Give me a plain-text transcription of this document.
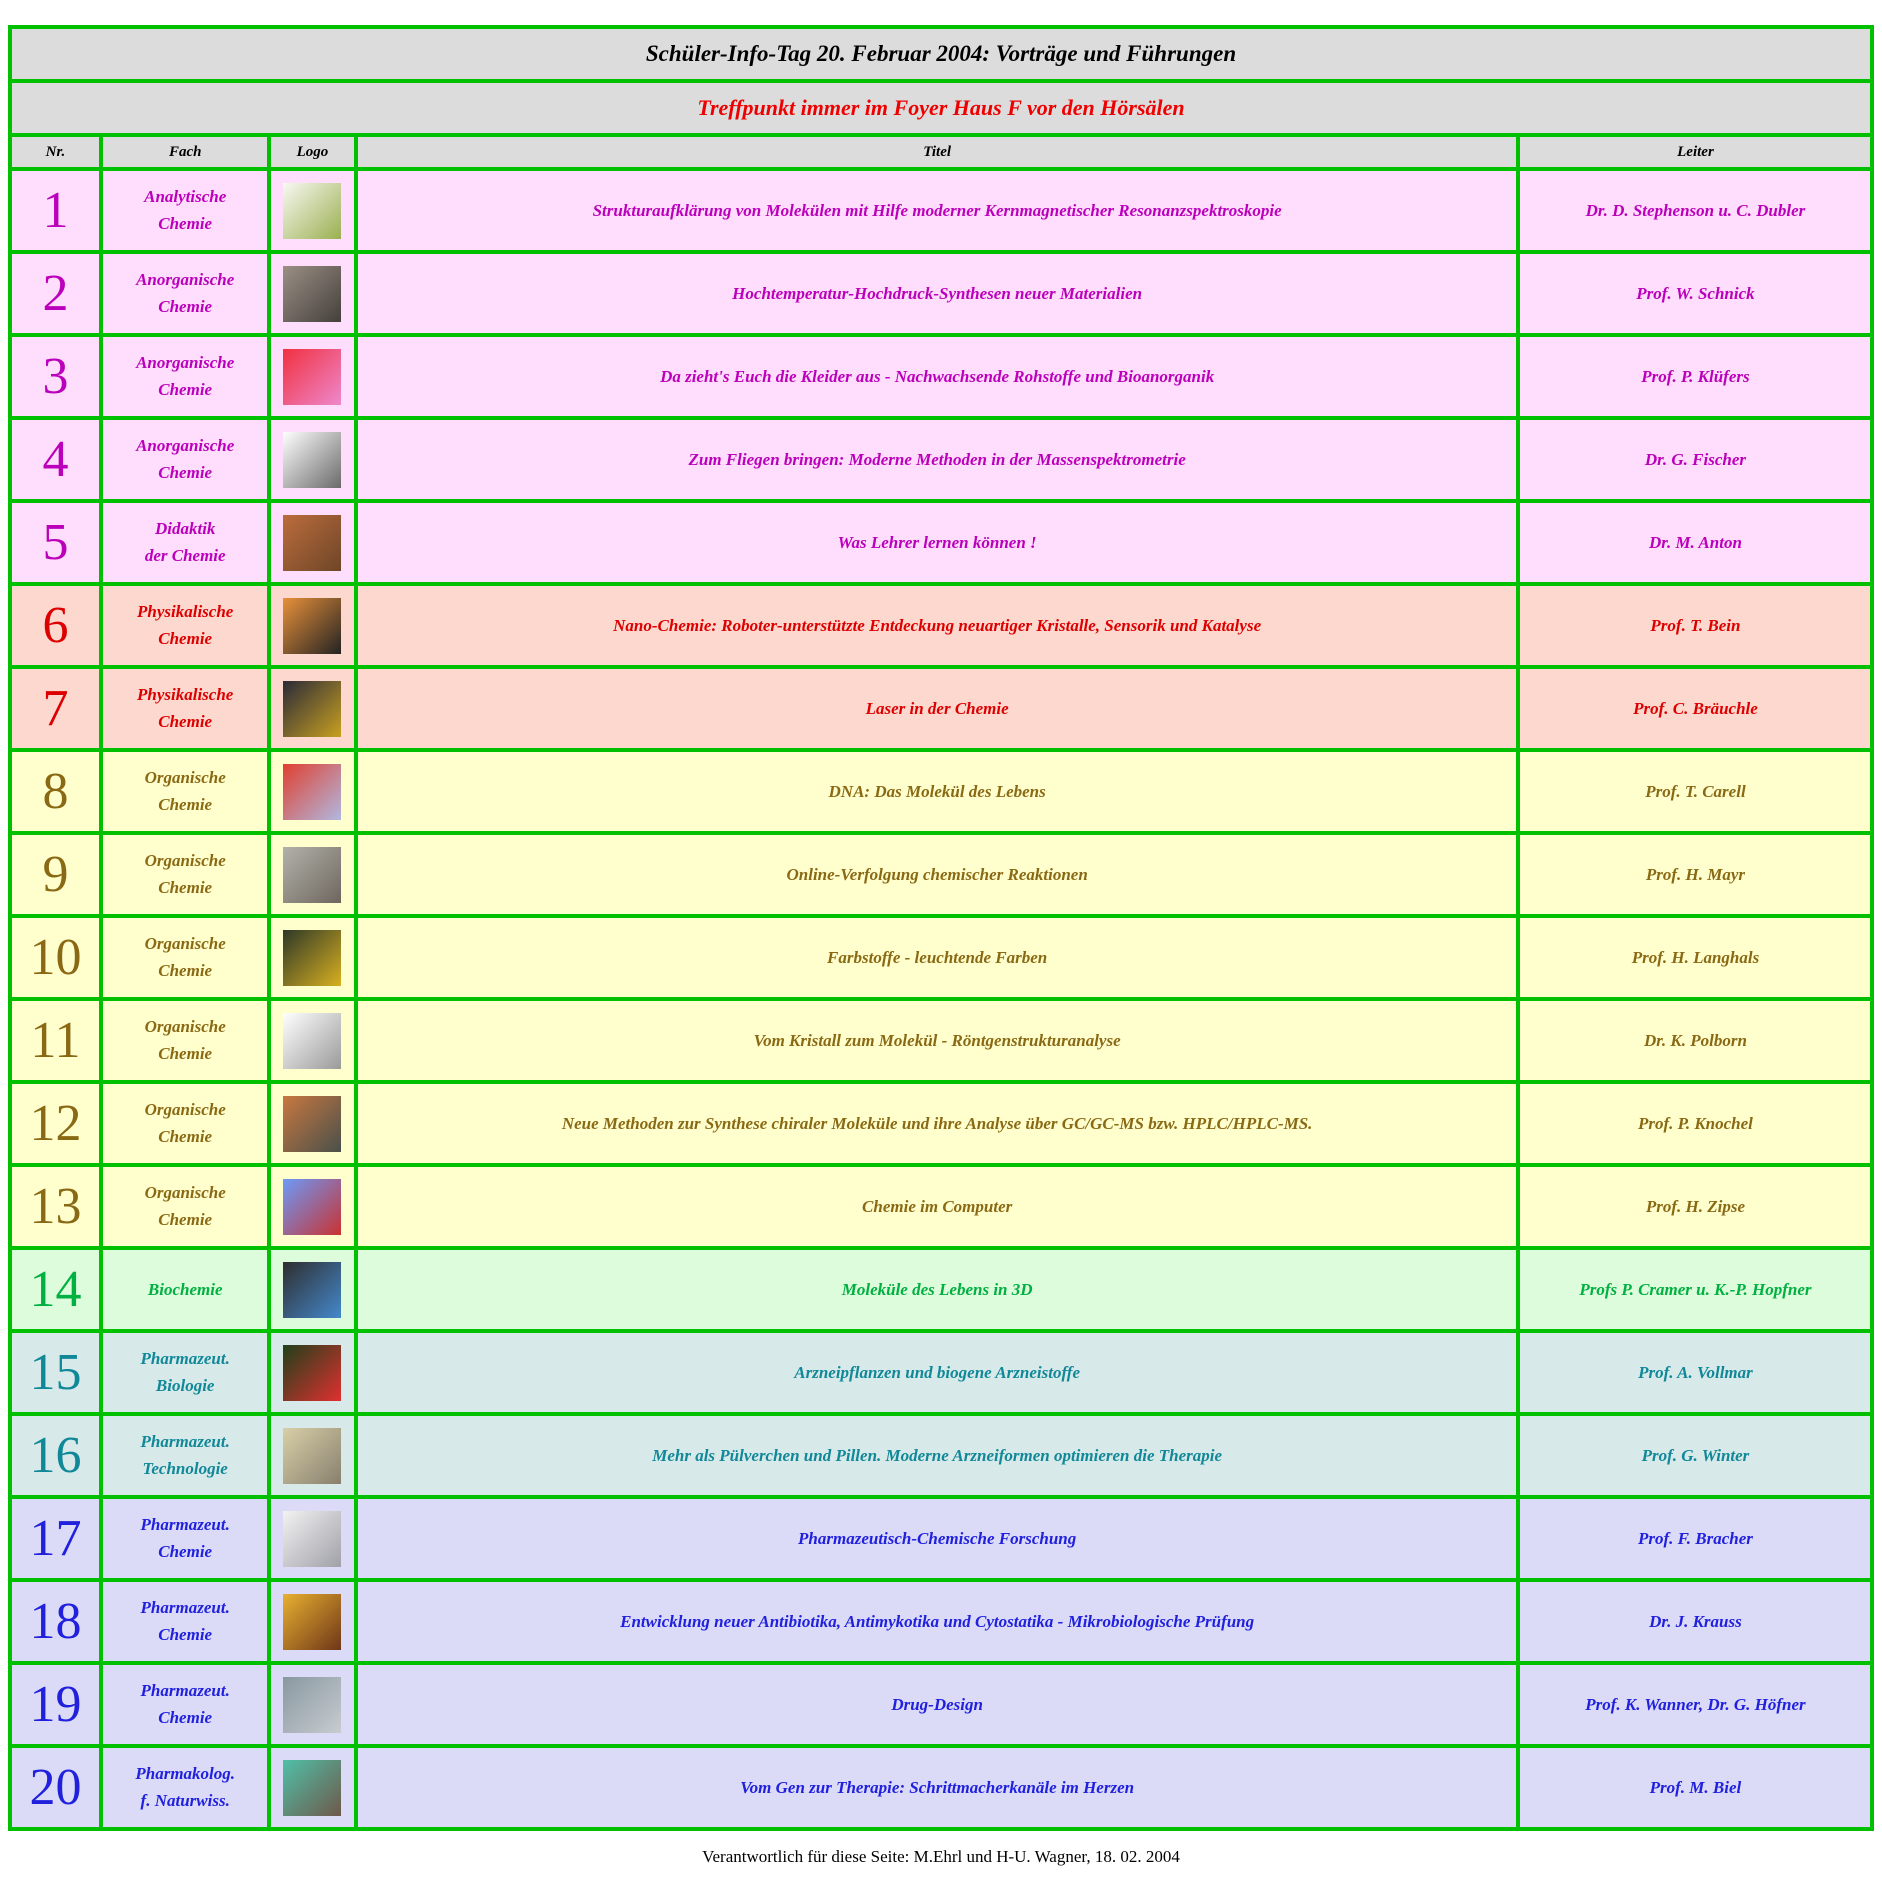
Schüler-Info-Tag 20. Februar 2004: Vorträge und Führungen				
Treffpunkt immer im Foyer Haus F vor den Hörsälen				
Nr.	Fach	Logo	Titel	Leiter
1	Analytische
Chemie		Strukturaufklärung von Molekülen mit Hilfe moderner Kernmagnetischer Resonanzspektroskopie	Dr. D. Stephenson u. C. Dubler
2	Anorganische
Chemie		Hochtemperatur-Hochdruck-Synthesen neuer Materialien	Prof. W. Schnick
3	Anorganische
Chemie		Da zieht's Euch die Kleider aus - Nachwachsende Rohstoffe und Bioanorganik	Prof. P. Klüfers
4	Anorganische
Chemie		Zum Fliegen bringen: Moderne Methoden in der Massenspektrometrie	Dr. G. Fischer
5	Didaktik
der Chemie		Was Lehrer lernen können !	Dr. M. Anton
6	Physikalische
Chemie		Nano-Chemie: Roboter-unterstützte Entdeckung neuartiger Kristalle, Sensorik und Katalyse	Prof. T. Bein
7	Physikalische
Chemie		Laser in der Chemie	Prof. C. Bräuchle
8	Organische
Chemie		DNA: Das Molekül des Lebens	Prof. T. Carell
9	Organische
Chemie		Online-Verfolgung chemischer Reaktionen	Prof. H. Mayr
10	Organische
Chemie		Farbstoffe - leuchtende Farben	Prof. H. Langhals
11	Organische
Chemie		Vom Kristall zum Molekül - Röntgenstrukturanalyse	Dr. K. Polborn
12	Organische
Chemie		Neue Methoden zur Synthese chiraler Moleküle und ihre Analyse über GC/GC-MS bzw. HPLC/HPLC-MS.	Prof. P. Knochel
13	Organische
Chemie		Chemie im Computer	Prof. H. Zipse
14	Biochemie		Moleküle des Lebens in 3D	Profs P. Cramer u. K.-P. Hopfner
15	Pharmazeut.
Biologie		Arzneipflanzen und biogene Arzneistoffe	Prof. A. Vollmar
16	Pharmazeut.
Technologie		Mehr als Pülverchen und Pillen. Moderne Arzneiformen optimieren die Therapie	Prof. G. Winter
17	Pharmazeut.
Chemie		Pharmazeutisch-Chemische Forschung	Prof. F. Bracher
18	Pharmazeut.
Chemie		Entwicklung neuer Antibiotika, Antimykotika und Cytostatika - Mikrobiologische Prüfung	Dr. J. Krauss
19	Pharmazeut.
Chemie		Drug-Design	Prof. K. Wanner, Dr. G. Höfner
20	Pharmakolog.
f. Naturwiss.		Vom Gen zur Therapie: Schrittmacherkanäle im Herzen	Prof. M. Biel
Verantwortlich für diese Seite: M.Ehrl und H-U. Wagner, 18. 02. 2004
